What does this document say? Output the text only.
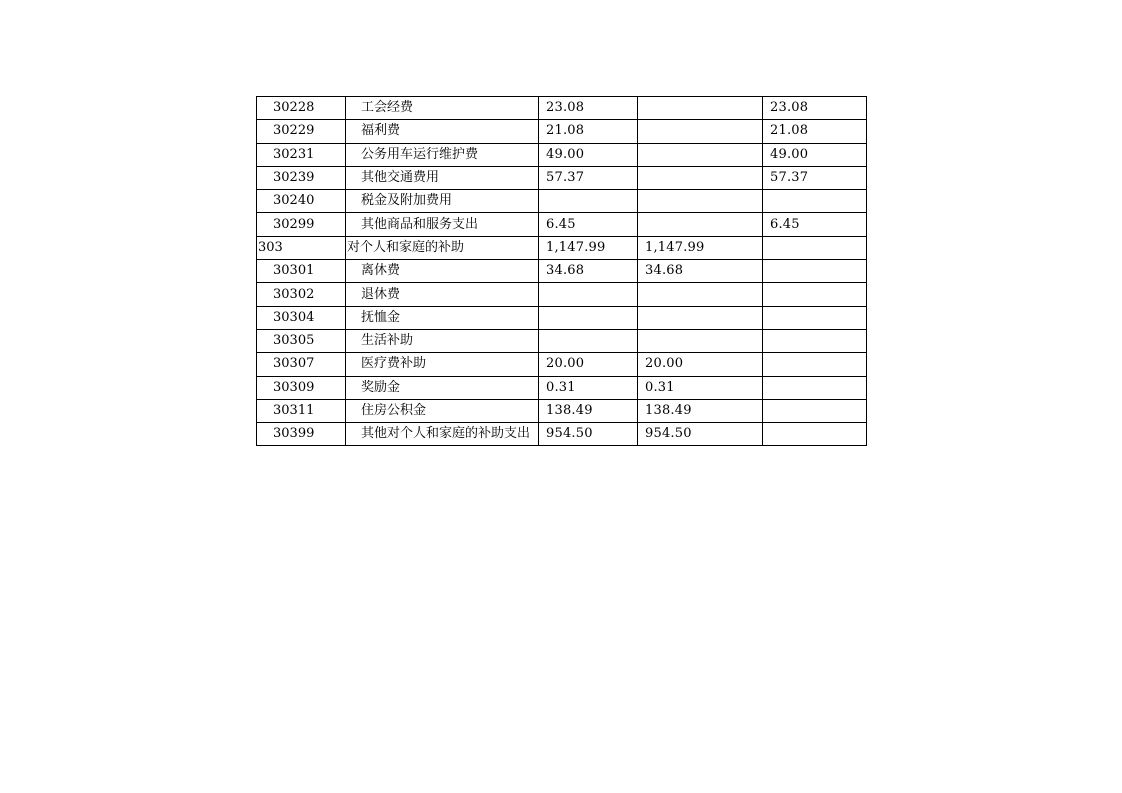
30228	工会经费	23.08		23.08
30229	福利费	21.08		21.08
30231	公务用车运行维护费	49.00		49.00
30239	其他交通费用	57.37		57.37
30240	税金及附加费用			
30299	其他商品和服务支出	6.45		6.45
303	对个人和家庭的补助	1,147.99	1,147.99	
30301	离休费	34.68	34.68	
30302	退休费			
30304	抚恤金			
30305	生活补助			
30307	医疗费补助	20.00	20.00	
30309	奖励金	0.31	0.31	
30311	住房公积金	138.49	138.49	
30399	其他对个人和家庭的补助支出	954.50	954.50	
